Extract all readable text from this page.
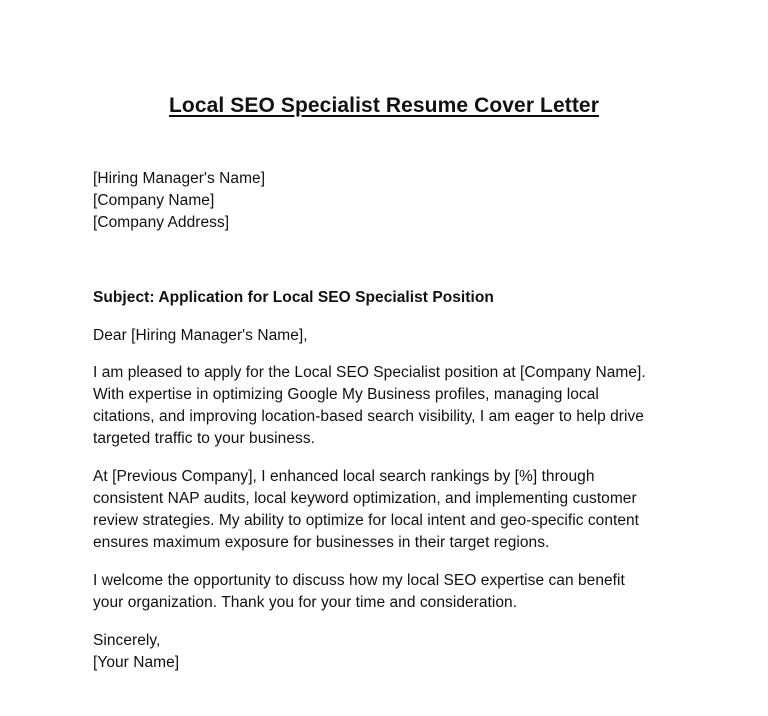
Local SEO Specialist Resume Cover Letter
[Hiring Manager's Name]
[Company Name]
[Company Address]
Subject: Application for Local SEO Specialist Position
Dear [Hiring Manager's Name],
I am pleased to apply for the Local SEO Specialist position at [Company Name].
With expertise in optimizing Google My Business profiles, managing local
citations, and improving location-based search visibility, I am eager to help drive
targeted traffic to your business.
At [Previous Company], I enhanced local search rankings by [%] through
consistent NAP audits, local keyword optimization, and implementing customer
review strategies. My ability to optimize for local intent and geo-specific content
ensures maximum exposure for businesses in their target regions.
I welcome the opportunity to discuss how my local SEO expertise can benefit
your organization. Thank you for your time and consideration.
Sincerely,
[Your Name]
